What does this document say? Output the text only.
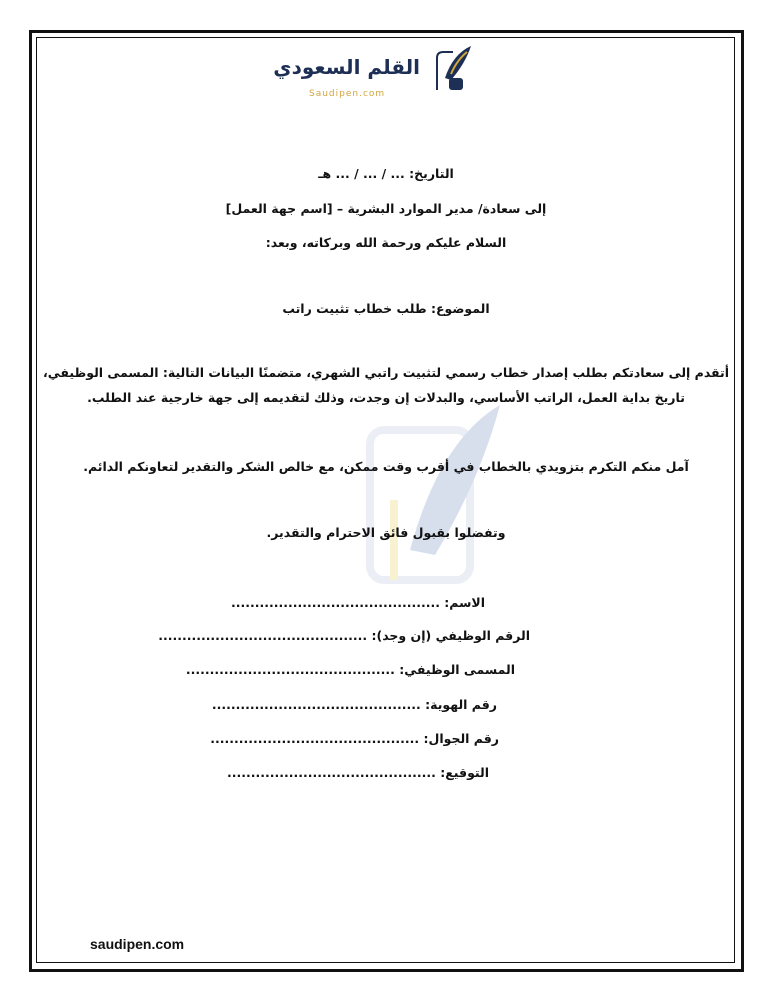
القلم السعودي
Saudipen.com
التاريخ: ... / ... / ... هـ
إلى سعادة/ مدير الموارد البشرية – [اسم جهة العمل]
السلام عليكم ورحمة الله وبركاته، وبعد:
الموضوع: طلب خطاب تثبيت راتب
أتقدم إلى سعادتكم بطلب إصدار خطاب رسمي لتثبيت راتبي الشهري، متضمنًا البيانات التالية: المسمى الوظيفي،
تاريخ بداية العمل، الراتب الأساسي، والبدلات إن وجدت، وذلك لتقديمه إلى جهة خارجية عند الطلب.
آمل منكم التكرم بتزويدي بالخطاب في أقرب وقت ممكن، مع خالص الشكر والتقدير لتعاونكم الدائم.
وتفضلوا بقبول فائق الاحترام والتقدير.
الاسم: ............................................
الرقم الوظيفي (إن وجد): ............................................
المسمى الوظيفي: ............................................
رقم الهوية: ............................................
رقم الجوال: ............................................
التوقيع: ............................................
saudipen.com
